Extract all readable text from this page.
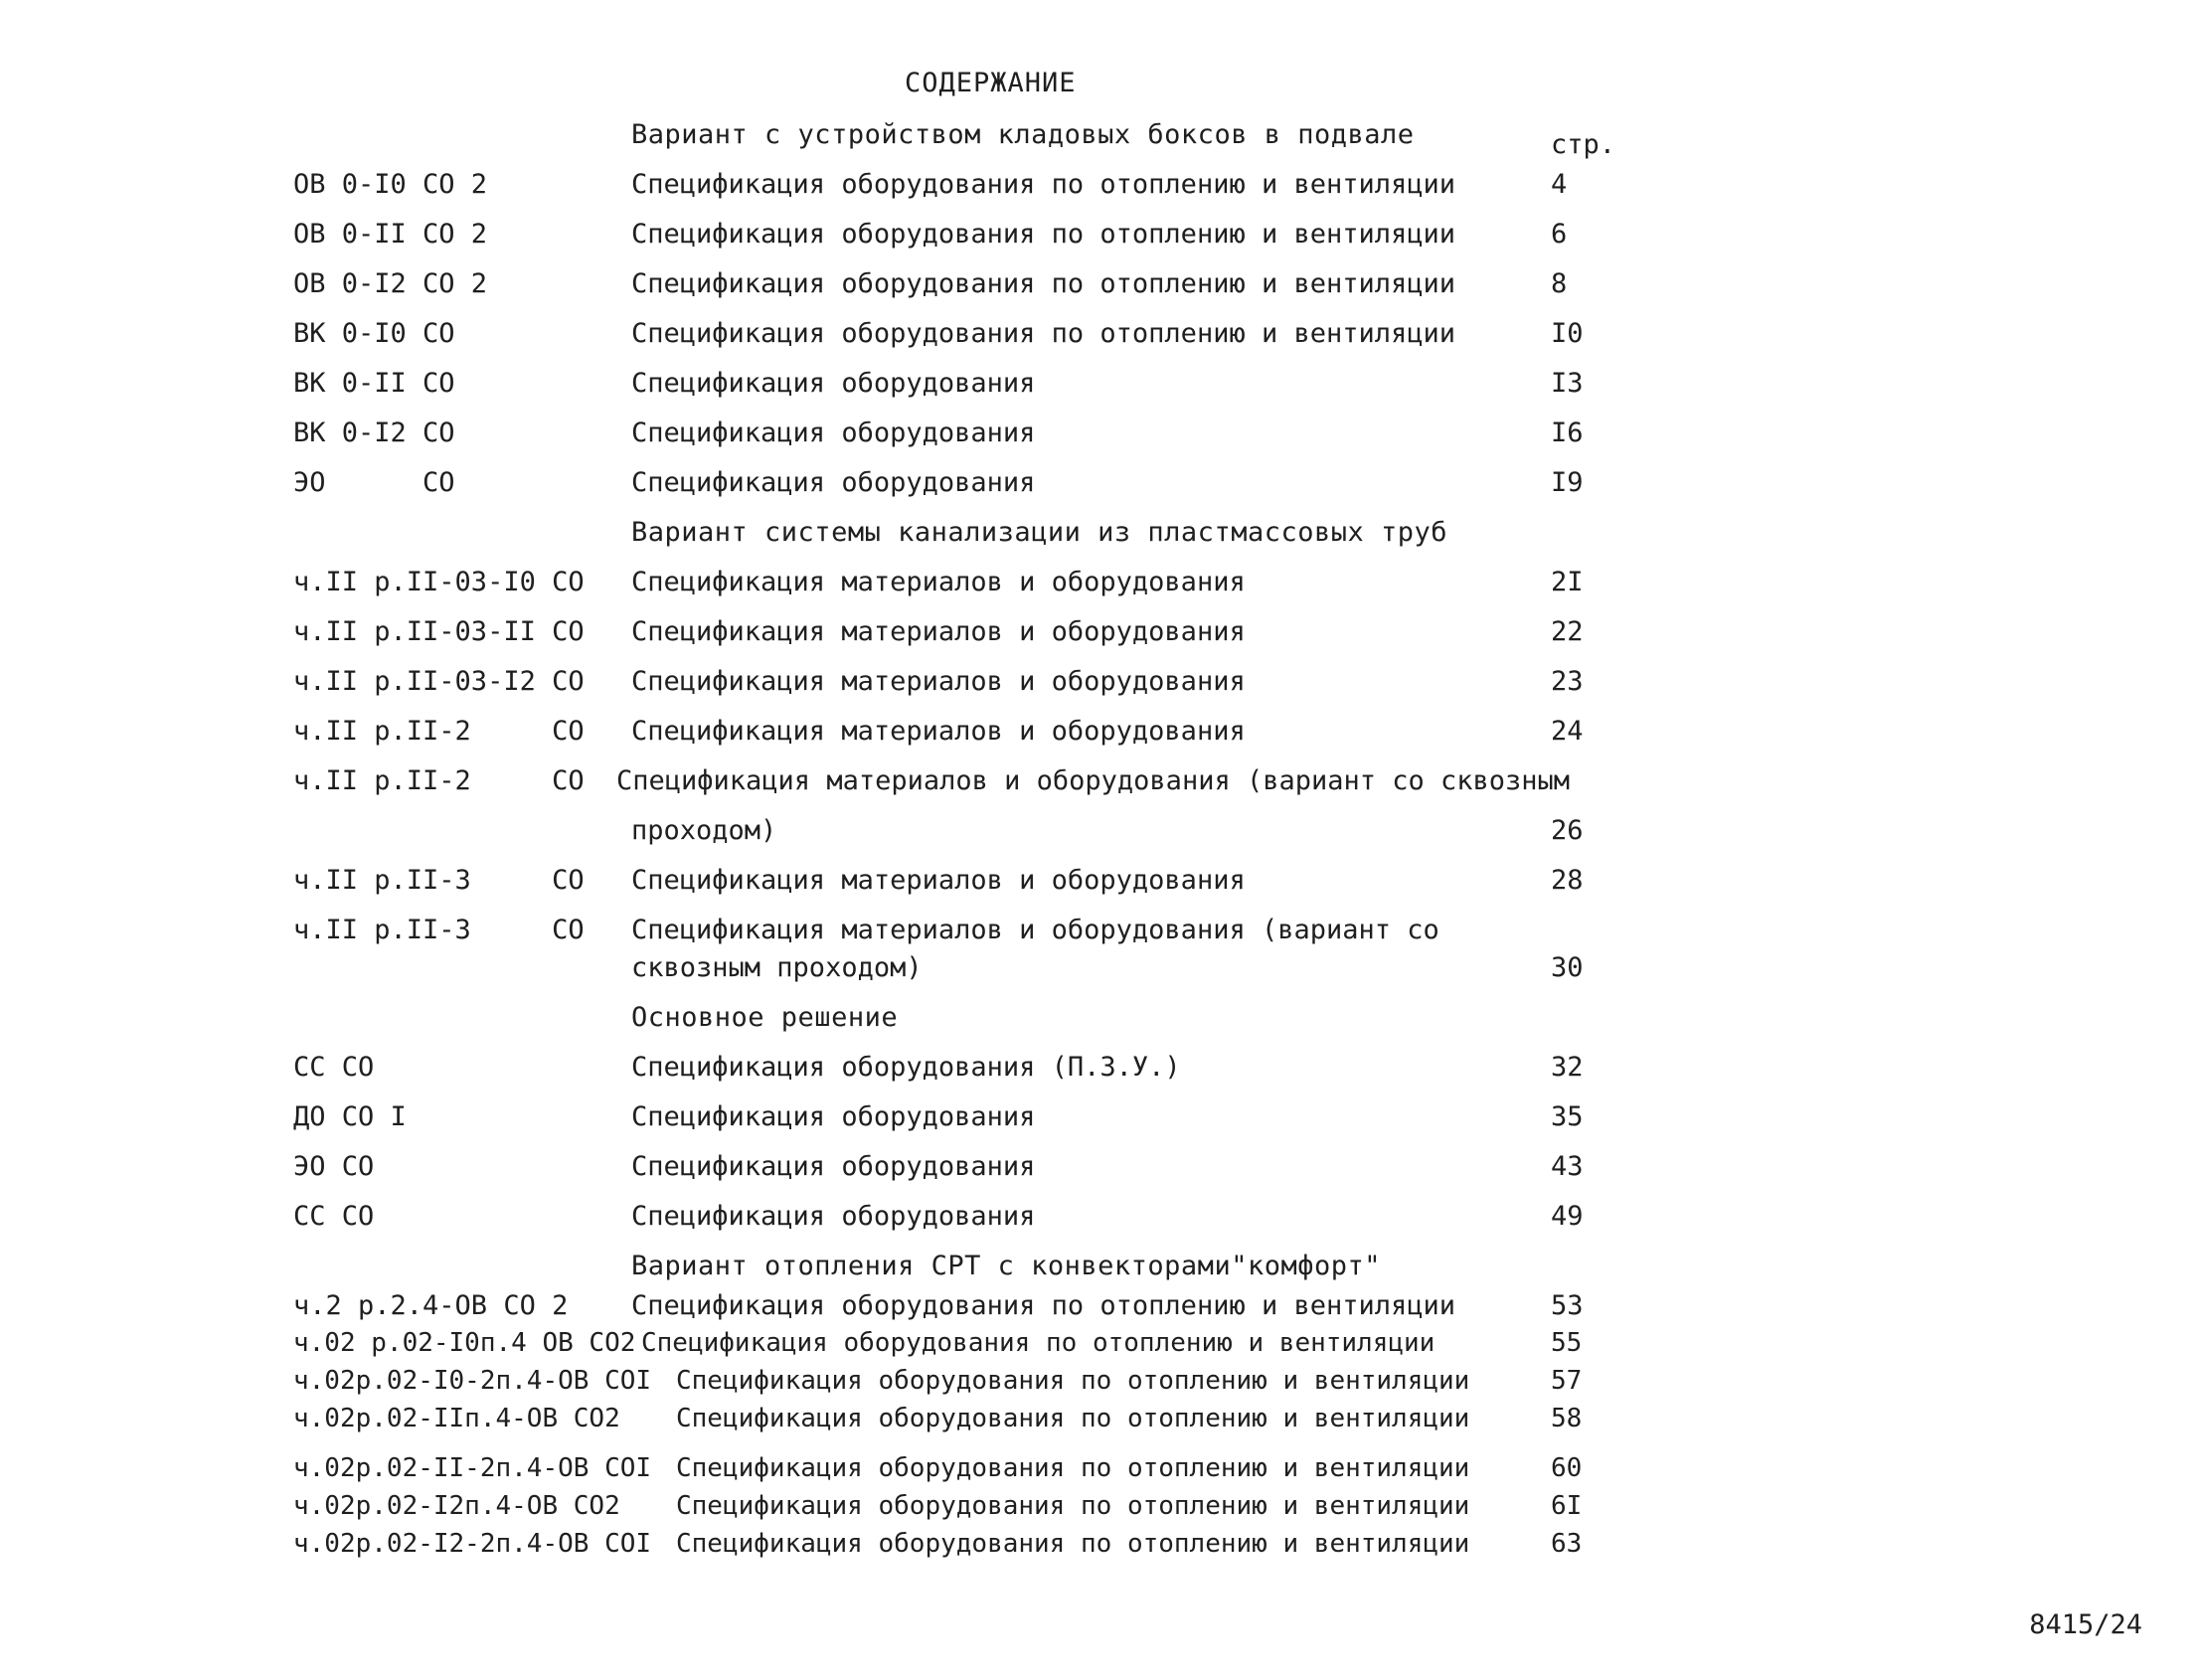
СОДЕРЖАНИЕ
Вариант с устройством кладовых боксов в подвале	стр.
ОВ 0-I0 СО 2	Спецификация оборудования по отоплению и вентиляции	4
ОВ 0-II СО 2	Спецификация оборудования по отоплению и вентиляции	6
ОВ 0-I2 СО 2	Спецификация оборудования по отоплению и вентиляции	8
ВК 0-I0 СО	Спецификация оборудования по отоплению и вентиляции	I0
ВК 0-II СО	Спецификация оборудования	I3
ВК 0-I2 СО	Спецификация оборудования	I6
ЭО      СО	Спецификация оборудования	I9
Вариант системы канализации из пластмассовых труб
ч.II р.II-03-I0 СО Спецификация материалов и оборудования	2I
ч.II р.II-03-II СО Спецификация материалов и оборудования	22
ч.II р.II-03-I2 СО Спецификация материалов и оборудования	23
ч.II р.II-2     СО Спецификация материалов и оборудования	24
ч.II р.II-2     СО Спецификация материалов и оборудования (вариант со сквозным
проходом)	26
ч.II р.II-3     СО Спецификация материалов и оборудования	28
ч.II р.II-3     СО Спецификация материалов и оборудования (вариант со
сквозным проходом)	30
Основное решение
СС СО	Спецификация оборудования (П.З.У.)	32
ДО СО I	Спецификация оборудования	35
ЭО СО	Спецификация оборудования	43
СС СО	Спецификация оборудования	49
Вариант отопления СРТ с конвекторами"комфорт"
ч.2 р.2.4-ОВ СО 2 Спецификация оборудования по отоплению и вентиляции	53
ч.02 р.02-I0п.4 ОВ СО2 Спецификация оборудования по отоплению и вентиляции	55
ч.02р.02-I0-2п.4-ОВ СОI Спецификация оборудования по отоплению и вентиляции	57
ч.02р.02-IIп.4-ОВ СО2 Спецификация оборудования по отоплению и вентиляции	58
ч.02р.02-II-2п.4-ОВ СОI Спецификация оборудования по отоплению и вентиляции	60
ч.02р.02-I2п.4-ОВ СО2 Спецификация оборудования по отоплению и вентиляции	6I
ч.02р.02-I2-2п.4-ОВ СОI Спецификация оборудования по отоплению и вентиляции	63
8415/24
